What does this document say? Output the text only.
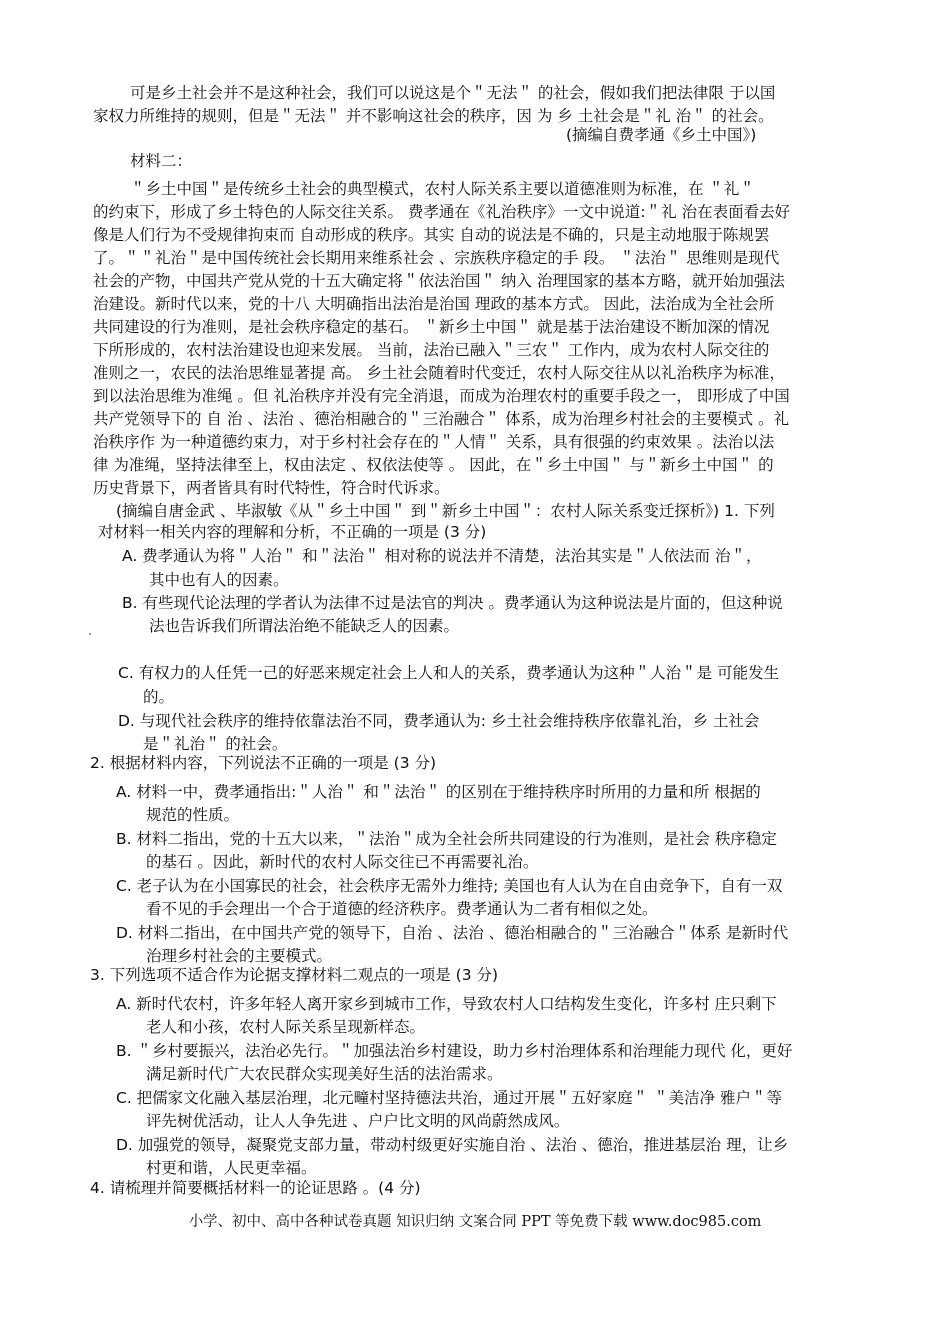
可是乡土社会并不是这种社会，我们可以说这是个＂无法＂ 的社会，假如我们把法律限 于以国
家权力所维持的规则，但是＂无法＂ 并不影响这社会的秩序，因 为 乡 土社会是＂礼 治＂ 的社会。
(摘编自费孝通《乡土中国》)
材料二：
＂乡土中国＂是传统乡土社会的典型模式，农村人际关系主要以道德准则为标准，在 ＂礼＂
的约束下，形成了乡土特色的人际交往关系。 费孝通在《礼治秩序》一文中说道:＂礼 治在表面看去好
像是人们行为不受规律拘束而 自动形成的秩序。其实 自动的说法是不确的，只是主动地服于陈规罢
了。＂＂礼治＂是中国传统社会长期用来维系社会 、宗族秩序稳定的手 段。 ＂法治＂ 思维则是现代
社会的产物，中国共产党从党的十五大确定将＂依法治国＂ 纳入 治理国家的基本方略，就开始加强法
治建设。新时代以来，党的十八 大明确指出法治是治国 理政的基本方式。 因此，法治成为全社会所
共同建设的行为准则，是社会秩序稳定的基石。 ＂新乡土中国＂ 就是基于法治建设不断加深的情况
下所形成的，农村法治建设也迎来发展。 当前，法治已融入＂三农＂ 工作内，成为农村人际交往的
准则之一，农民的法治思维显著提 高。 乡土社会随着时代变迁，农村人际交往从以礼治秩序为标准，
到以法治思维为准绳 。但 礼治秩序并没有完全消退，而成为治理农村的重要手段之一， 即形成了中国
共产党领导下的 自 治 、法治 、德治相融合的＂三治融合＂ 体系，成为治理乡村社会的主要模式 。礼
治秩序作 为一种道德约束力，对于乡村社会存在的＂人情＂ 关系，具有很强的约束效果 。法治以法
律 为准绳，坚持法律至上，权由法定 、权依法使等 。 因此，在＂乡土中国＂ 与＂新乡土中国＂ 的
历史背景下，两者皆具有时代特性，符合时代诉求。
(摘编自唐金武 、毕淑敏《从＂乡土中国＂ 到＂新乡土中国＂：农村人际关系变迁探析》) 1. 下列
对材料一相关内容的理解和分析，不正确的一项是 (3 分)
A. 费孝通认为将＂人治＂ 和＂法治＂ 相对称的说法并不清楚，法治其实是＂人依法而 治＂，
其中也有人的因素。
B. 有些现代论法理的学者认为法律不过是法官的判决 。费孝通认为这种说法是片面的，但这种说
法也告诉我们所谓法治绝不能缺乏人的因素。
C. 有权力的人任凭一己的好恶来规定社会上人和人的关系，费孝通认为这种＂人治＂是 可能发生
的。
D. 与现代社会秩序的维持依靠法治不同，费孝通认为: 乡土社会维持秩序依靠礼治，乡 土社会
是＂礼治＂ 的社会。
2. 根据材料内容，下列说法不正确的一项是 (3 分)
A. 材料一中，费孝通指出:＂人治＂ 和＂法治＂ 的区别在于维持秩序时所用的力量和所 根据的
规范的性质。
B. 材料二指出，党的十五大以来，＂法治＂成为全社会所共同建设的行为准则，是社会 秩序稳定
的基石 。因此，新时代的农村人际交往已不再需要礼治。
C. 老子认为在小国寡民的社会，社会秩序无需外力维持; 美国也有人认为在自由竞争下，自有一双
看不见的手会理出一个合于道德的经济秩序。费孝通认为二者有相似之处。
D. 材料二指出，在中国共产党的领导下，自治 、法治 、德治相融合的＂三治融合＂体系 是新时代
治理乡村社会的主要模式。
3. 下列选项不适合作为论据支撑材料二观点的一项是 (3 分)
A. 新时代农村，许多年轻人离开家乡到城市工作，导致农村人口结构发生变化，许多村 庄只剩下
老人和小孩，农村人际关系呈现新样态。
B. ＂乡村要振兴，法治必先行。＂加强法治乡村建设，助力乡村治理体系和治理能力现代 化，更好
满足新时代广大农民群众实现美好生活的法治需求。
C. 把儒家文化融入基层治理，北元疃村坚持德法共治，通过开展＂五好家庭＂ ＂美洁净 雅户＂等
评先树优活动，让人人争先进 、户户比文明的风尚蔚然成风。
D. 加强党的领导，凝聚党支部力量，带动村级更好实施自治 、法治 、德治，推进基层治 理，让乡
村更和谐，人民更幸福。
4. 请梳理并简要概括材料一的论证思路 。(4 分)
小学、初中、高中各种试卷真题 知识归纳 文案合同 PPT 等免费下载 www.doc985.com
